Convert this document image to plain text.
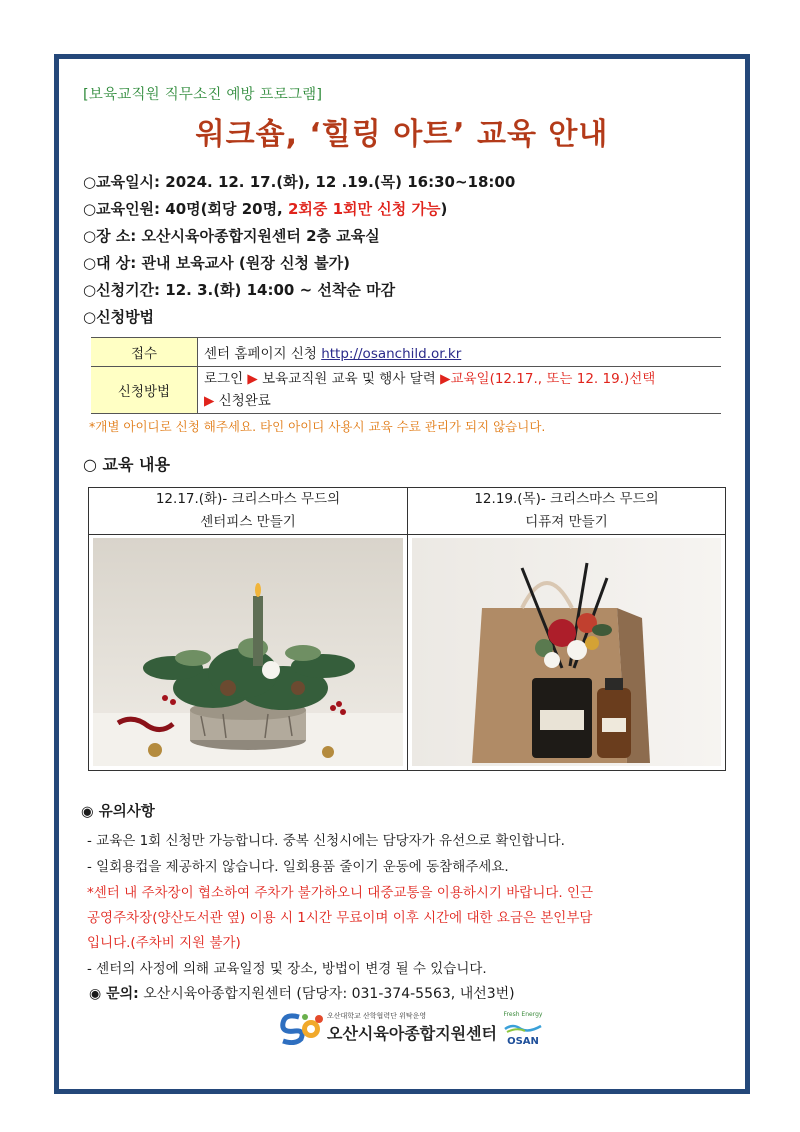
[보육교직원 직무소진 예방 프로그램]
워크숍, ‘힐링 아트’ 교육 안내
○교육일시: 2024. 12. 17.(화), 12 .19.(목) 16:30~18:00
○교육인원: 40명(회당 20명, 2회중 1회만 신청 가능)
○장 소: 오산시육아종합지원센터 2층 교육실
○대 상: 관내 보육교사 (원장 신청 불가)
○신청기간: 12. 3.(화) 14:00 ~ 선착순 마감
○신청방법
접수	센터 홈페이지 신청 http://osanchild.or.kr
신청방법	로그인 ▶ 보육교직원 교육 및 행사 달력 ▶교육일(12.17., 또는 12. 19.)선택
▶ 신청완료
*개별 아이디로 신청 해주세요. 타인 아이디 사용시 교육 수료 관리가 되지 않습니다.
○ 교육 내용
12.17.(화)- 크리스마스 무드의
센터피스 만들기
12.19.(목)- 크리스마스 무드의
디퓨져 만들기
◉ 유의사항
- 교육은 1회 신청만 가능합니다. 중복 신청시에는 담당자가 유선으로 확인합니다.
- 일회용컵을 제공하지 않습니다. 일회용품 줄이기 운동에 동참해주세요.
*센터 내 주차장이 협소하여 주차가 불가하오니 대중교통을 이용하시기 바랍니다. 인근
공영주차장(양산도서관 옆) 이용 시 1시간 무료이며 이후 시간에 대한 요금은 본인부담
입니다.(주차비 지원 불가)
- 센터의 사정에 의해 교육일정 및 장소, 방법이 변경 될 수 있습니다.
◉ 문의: 오산시육아종합지원센터 (담당자: 031-374-5563, 내선3번)
오산대학교 산학협력단 위탁운영
오산시육아종합지원센터
Fresh Energy
OSAN
